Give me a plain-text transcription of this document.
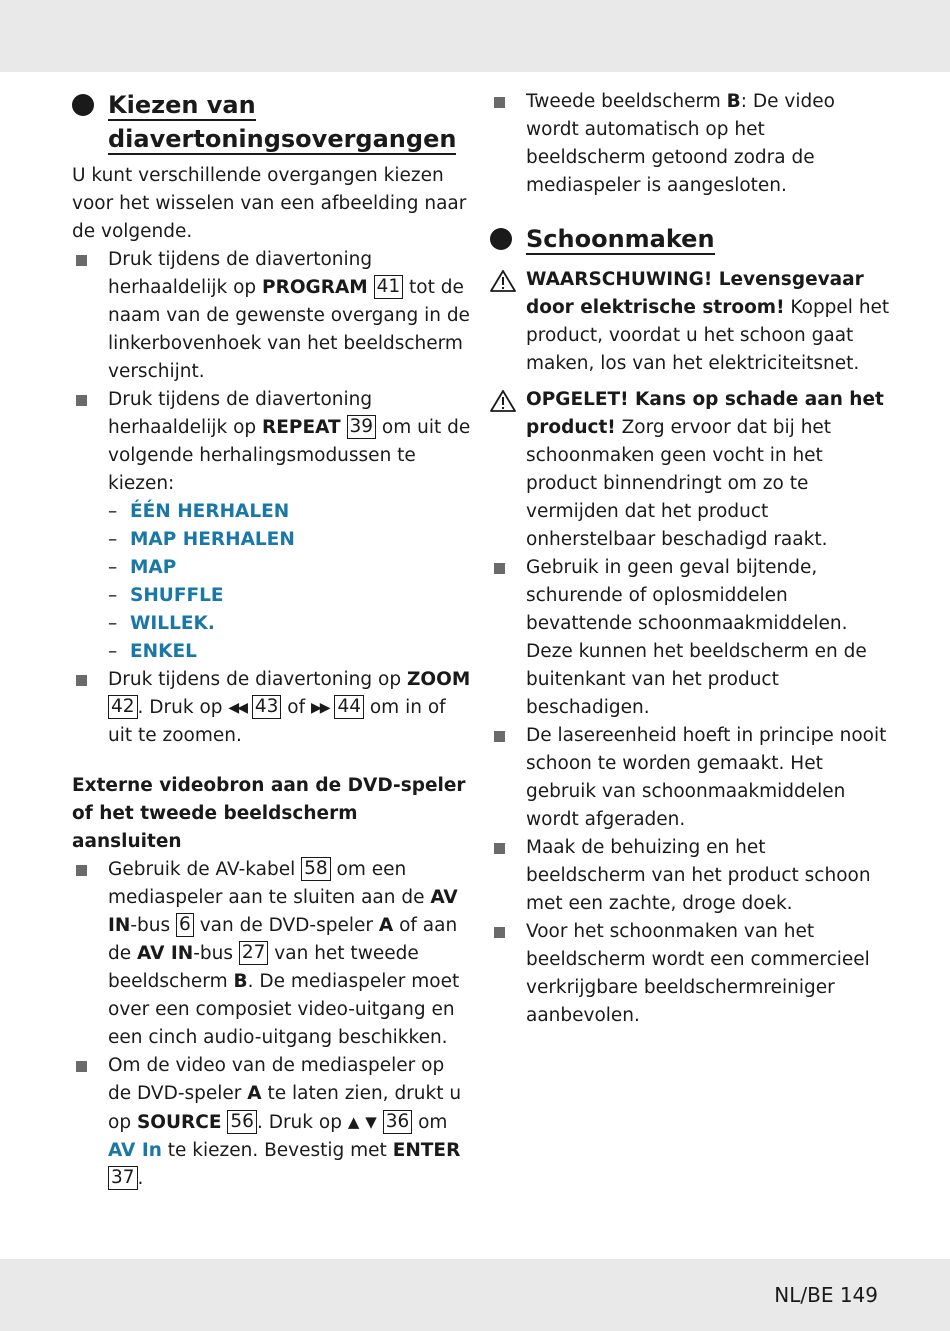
Kiezen van
diavertoningsovergangen

U kunt verschillende overgangen kiezen voor het wisselen van een afbeelding naar de volgende.

Druk tijdens de diavertoning herhaaldelijk op PROGRAM 41 tot de naam van de gewenste overgang in de linkerbovenhoek van het beeldscherm verschijnt.
Druk tijdens de diavertoning herhaaldelijk op REPEAT 39 om uit de volgende herhalingsmodussen te kiezen:
– ÉÉN HERHALEN
– MAP HERHALEN
– MAP
– SHUFFLE
– WILLEK.
– ENKEL
Druk tijdens de diavertoning op ZOOM 42 . Druk op ◀◀ 43 of ▶▶ 44 om in of uit te zoomen.

Externe videobron aan de DVD-speler of het tweede beeldscherm aansluiten

Gebruik de AV-kabel 58 om een mediaspeler aan te sluiten aan de AV IN-bus 6 van de DVD-speler A of aan de AV IN-bus 27 van het tweede beeldscherm B. De mediaspeler moet over een composiet video-uitgang en een cinch audio-uitgang beschikken.
Om de video van de mediaspeler op de DVD-speler A te laten zien, drukt u op SOURCE 56 . Druk op ▲ ▼ 36 om AV In te kiezen. Bevestig met ENTER 37 .
Tweede beeldscherm B: De video wordt automatisch op het beeldscherm getoond zodra de mediaspeler is aangesloten.
Schoonmaken
WAARSCHUWING! Levensgevaar door elektrische stroom! Koppel het product, voordat u het schoon gaat maken, los van het elektriciteitsnet.
OPGELET! Kans op schade aan het product! Zorg ervoor dat bij het schoonmaken geen vocht in het product binnendringt om zo te vermijden dat het product onherstelbaar beschadigd raakt.
Gebruik in geen geval bijtende, schurende of oplosmiddelen bevattende schoonmaakmiddelen. Deze kunnen het beeldscherm en de buitenkant van het product beschadigen.
De lasereenheid hoeft in principe nooit schoon te worden gemaakt. Het gebruik van schoonmaakmiddelen wordt afgeraden.
Maak de behuizing en het beeldscherm van het product schoon met een zachte, droge doek.
Voor het schoonmaken van het beeldscherm wordt een commercieel verkrijgbare beeldschermreiniger aanbevolen.
NL/BE 149
